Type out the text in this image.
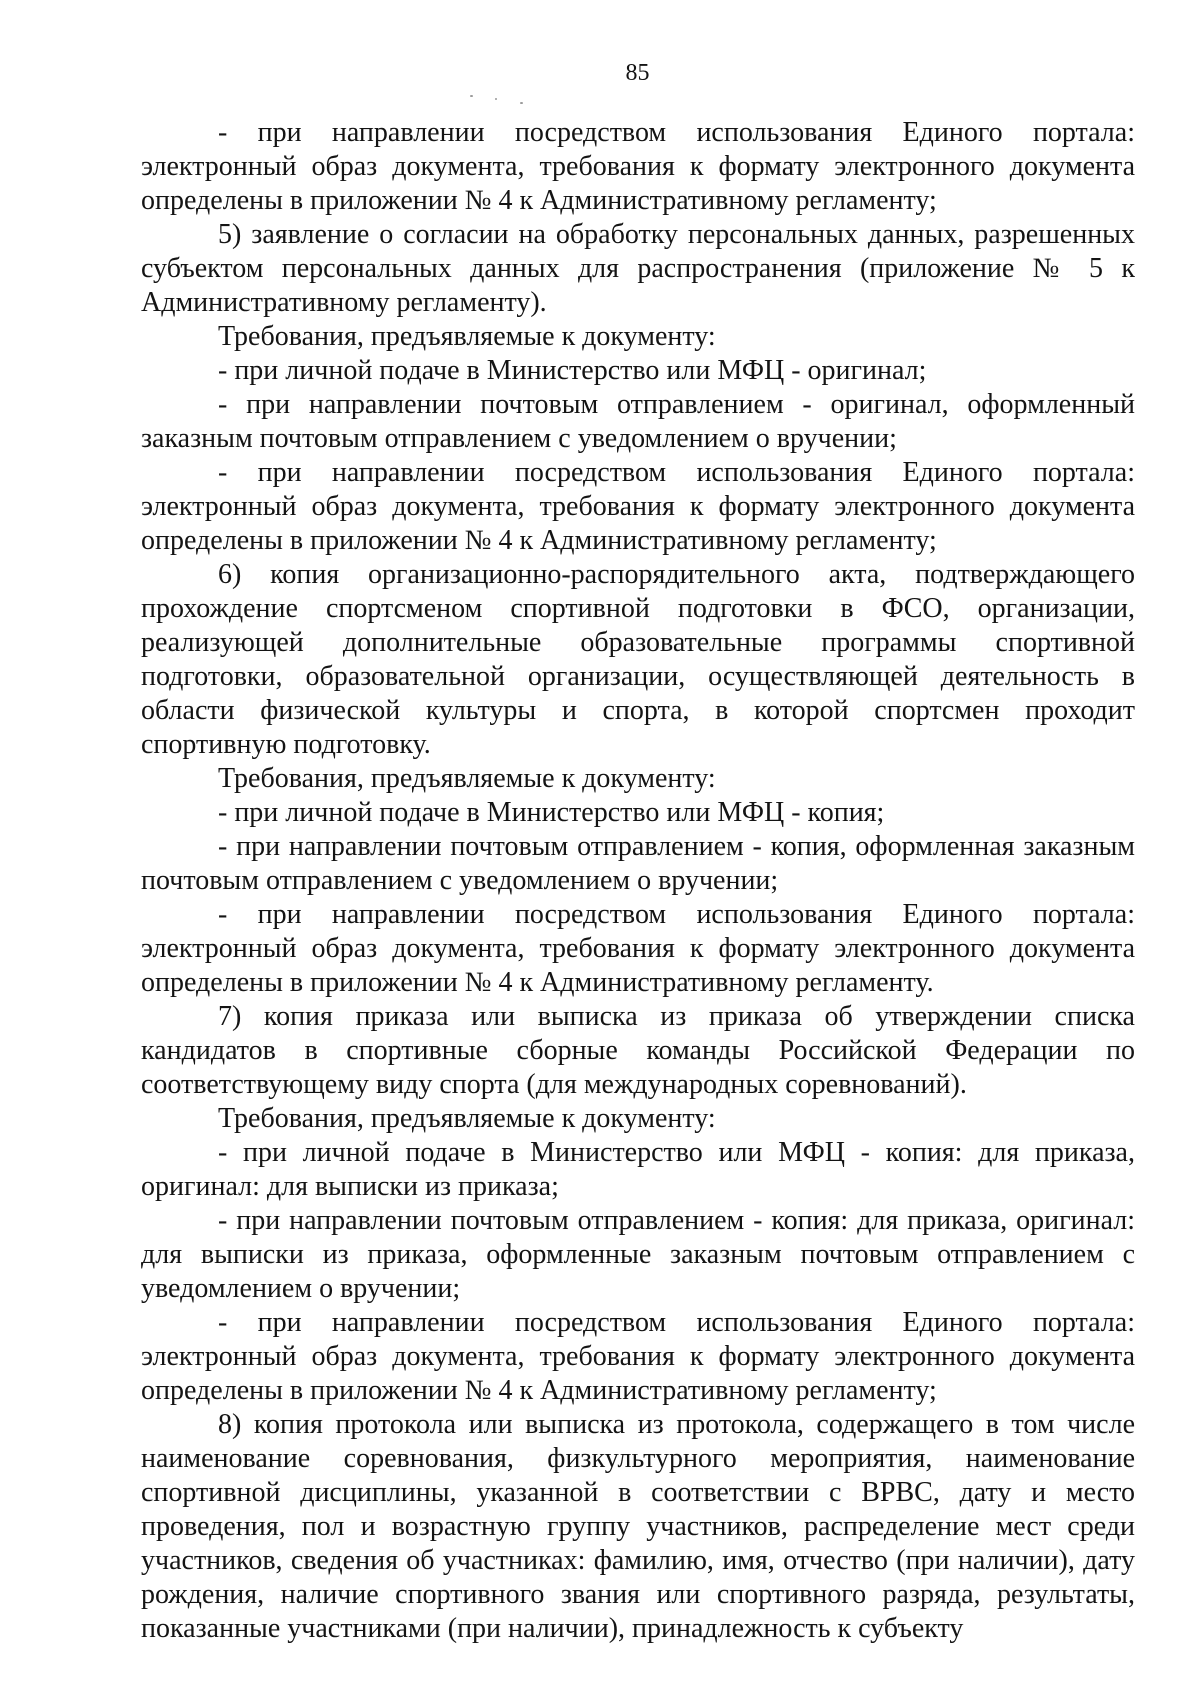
85

- при направлении посредством использования Единого портала: электронный образ документа, требования к формату электронного документа определены в приложении № 4 к Административному регламенту;

5) заявление о согласии на обработку персональных данных, разрешенных субъектом персональных данных для распространения (приложение № 5 к Административному регламенту).

Требования, предъявляемые к документу:

- при личной подаче в Министерство или МФЦ - оригинал;

- при направлении почтовым отправлением - оригинал, оформленный заказным почтовым отправлением с уведомлением о вручении;

- при направлении посредством использования Единого портала: электронный образ документа, требования к формату электронного документа определены в приложении № 4 к Административному регламенту;

6) копия организационно-распорядительного акта, подтверждающего прохождение спортсменом спортивной подготовки в ФСО, организации, реализующей дополнительные образовательные программы спортивной подготовки, образовательной организации, осуществляющей деятельность в области физической культуры и спорта, в которой спортсмен проходит спортивную подготовку.

Требования, предъявляемые к документу:

- при личной подаче в Министерство или МФЦ - копия;

- при направлении почтовым отправлением - копия, оформленная заказным почтовым отправлением с уведомлением о вручении;

- при направлении посредством использования Единого портала: электронный образ документа, требования к формату электронного документа определены в приложении № 4 к Административному регламенту.

7) копия приказа или выписка из приказа об утверждении списка кандидатов в спортивные сборные команды Российской Федерации по соответствующему виду спорта (для международных соревнований).

Требования, предъявляемые к документу:

- при личной подаче в Министерство или МФЦ - копия: для приказа, оригинал: для выписки из приказа;

- при направлении почтовым отправлением - копия: для приказа, оригинал: для выписки из приказа, оформленные заказным почтовым отправлением с уведомлением о вручении;

- при направлении посредством использования Единого портала: электронный образ документа, требования к формату электронного документа определены в приложении № 4 к Административному регламенту;

8) копия протокола или выписка из протокола, содержащего в том числе наименование соревнования, физкультурного мероприятия, наименование спортивной дисциплины, указанной в соответствии с ВРВС, дату и место проведения, пол и возрастную группу участников, распределение мест среди участников, сведения об участниках: фамилию, имя, отчество (при наличии), дату рождения, наличие спортивного звания или спортивного разряда, результаты, показанные участниками (при наличии), принадлежность к субъекту
